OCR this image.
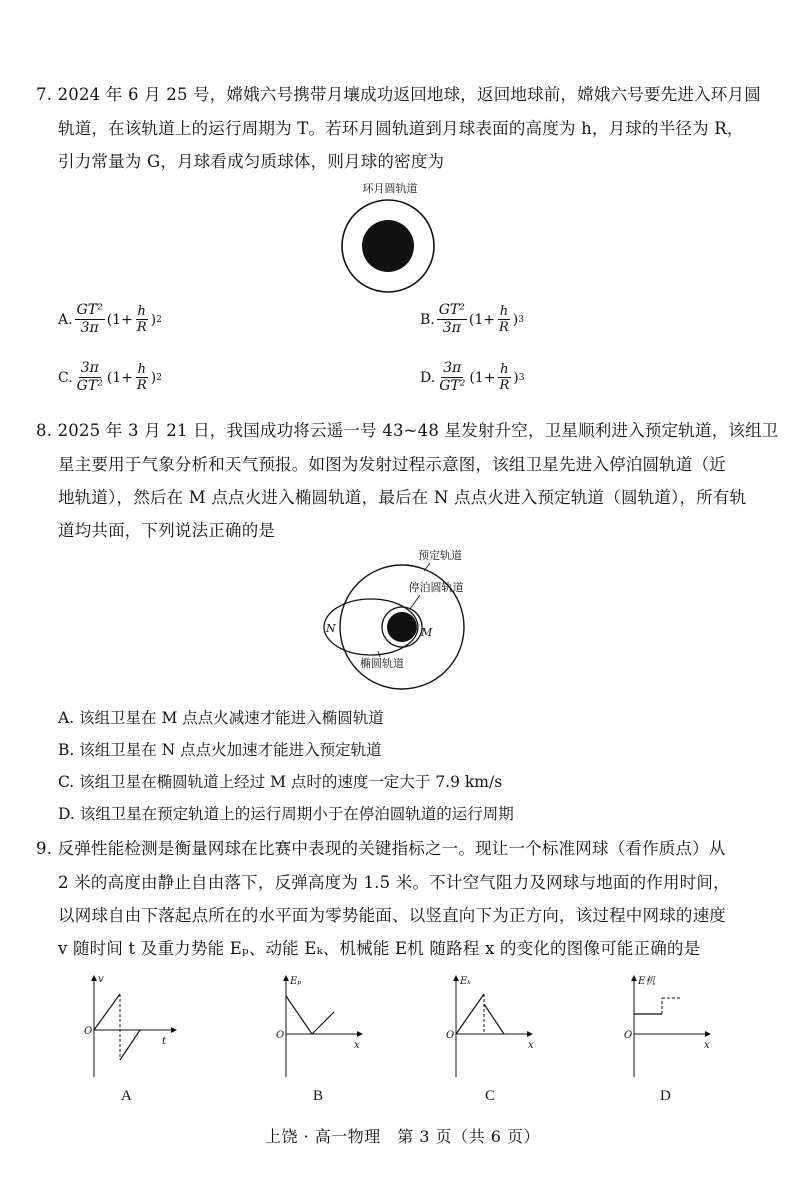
7. 2024 年 6 月 25 号，嫦娥六号携带月壤成功返回地球，返回地球前，嫦娥六号要先进入环月圆
轨道，在该轨道上的运行周期为 T。若环月圆轨道到月球表面的高度为 h，月球的半径为 R，
引力常量为 G，月球看成匀质球体，则月球的密度为
环月圆轨道
A. $\frac{\text{GT²}}{3\pi}$ ( $1+ \frac{h}{R}$ ) 2	B. $\frac{\text{GT²}}{3\pi}$ ( $1+ \frac{h}{R}$ ) 3
C. $\frac{3\pi}{\text{GT²}}$ ( $1+ \frac{h}{R}$ ) 2	D. $\frac{3\pi}{\text{GT²}}$ ( $1+ \frac{h}{R}$ ) 3
8. 2025 年 3 月 21 日，我国成功将云遥一号 43~48 星发射升空，卫星顺利进入预定轨道，该组卫
星主要用于气象分析和天气预报。如图为发射过程示意图，该组卫星先进入停泊圆轨道（近
地轨道），然后在 M 点点火进入椭圆轨道，最后在 N 点点火进入预定轨道（圆轨道），所有轨
道均共面，下列说法正确的是
预定轨道
停泊圆轨道
椭圆轨道
N	M
A. 该组卫星在 M 点点火减速才能进入椭圆轨道
B. 该组卫星在 N 点点火加速才能进入预定轨道
C. 该组卫星在椭圆轨道上经过 M 点时的速度一定大于 7.9 km/s
D. 该组卫星在预定轨道上的运行周期小于在停泊圆轨道的运行周期
9. 反弹性能检测是衡量网球在比赛中表现的关键指标之一。现让一个标准网球（看作质点）从
2 米的高度由静止自由落下，反弹高度为 1.5 米。不计空气阻力及网球与地面的作用时间，
以网球自由下落起点所在的水平面为零势能面、以竖直向下为正方向，该过程中网球的速度
v 随时间 t 及重力势能 Eₚ、动能 Eₖ、机械能 E机 随路程 x 的变化的图像可能正确的是
v
t
O
A
Eₚ
x
O
B
Eₖ
x
O
C
E机
x
O
D
上饶 · 高一物理　第 3 页（共 6 页）
